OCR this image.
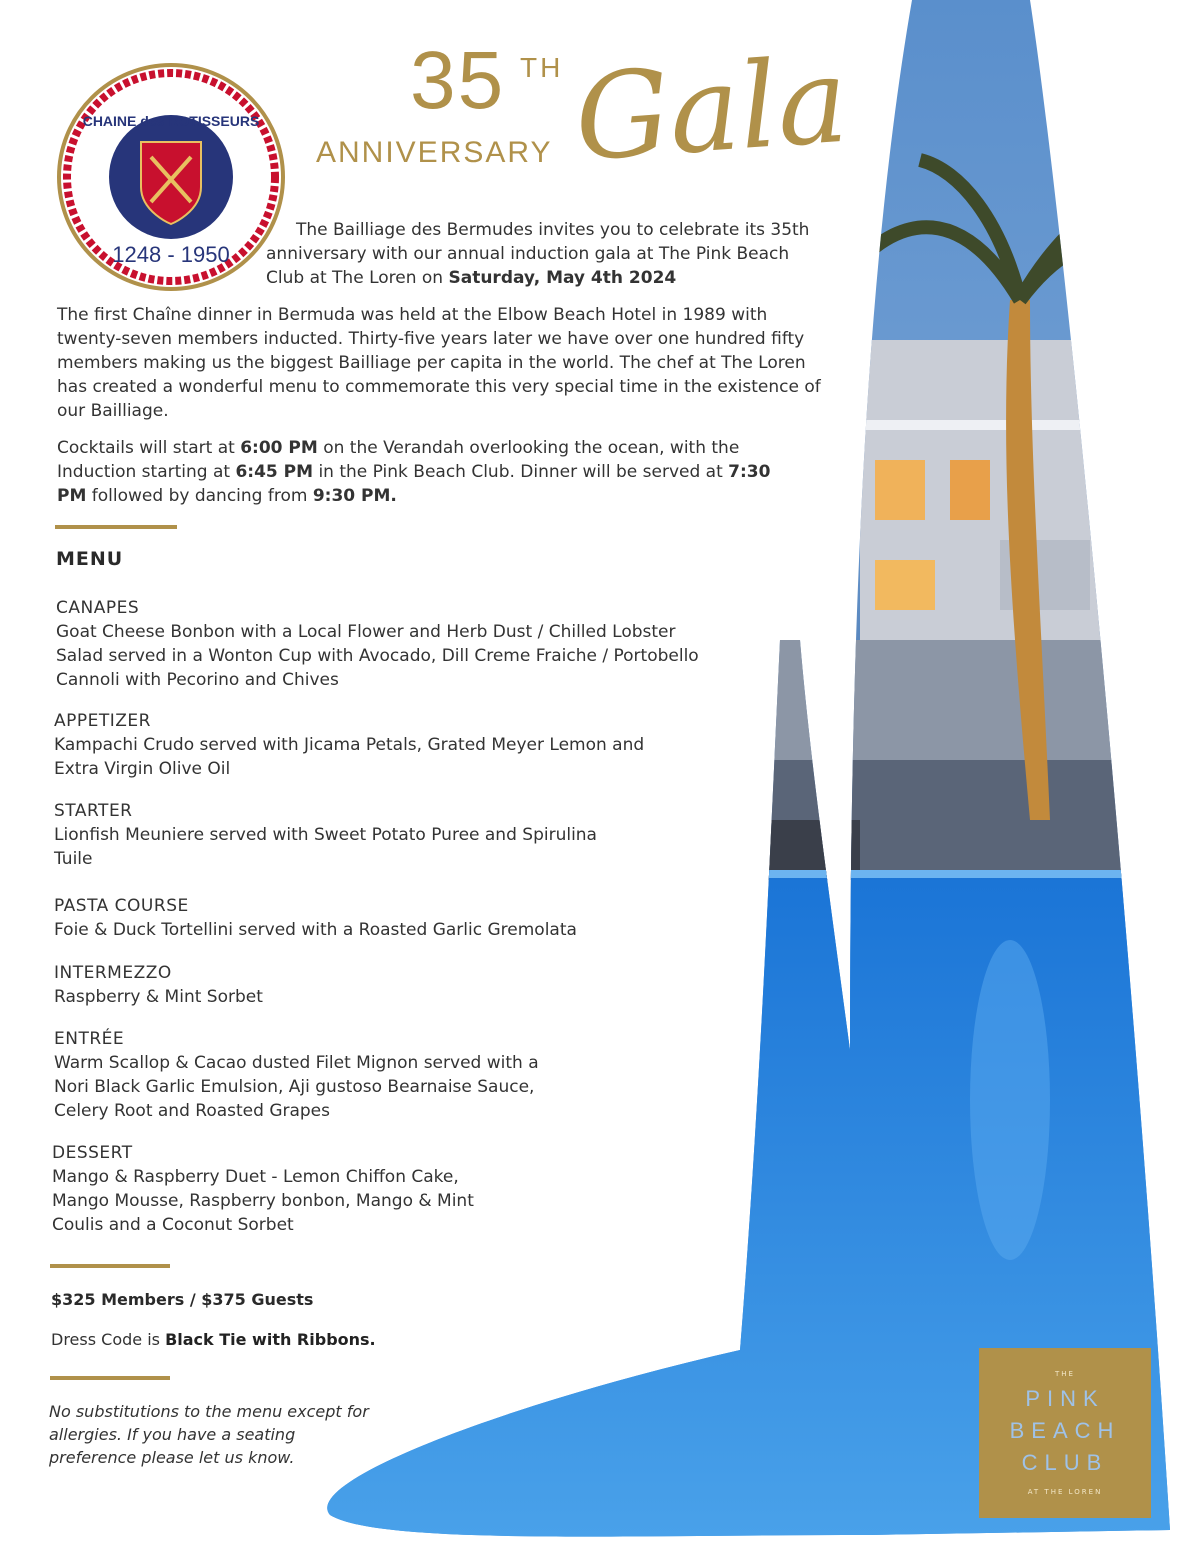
CHAINE des ROTISSEURS
1248 - 1950
35 TH
ANNIVERSARY Gala

The Bailliage des Bermudes invites you to celebrate its 35th anniversary with our annual induction gala at The Pink Beach Club at The Loren on Saturday, May 4th 2024

The first Chaîne dinner in Bermuda was held at the Elbow Beach Hotel in 1989 with twenty-seven members inducted. Thirty-five years later we have over one hundred fifty members making us the biggest Bailliage per capita in the world. The chef at The Loren has created a wonderful menu to commemorate this very special time in the existence of our Bailliage.

Cocktails will start at 6:00 PM on the Verandah overlooking the ocean, with the Induction starting at 6:45 PM in the Pink Beach Club. Dinner will be served at 7:30 PM followed by dancing from 9:30 PM.

MENU
CANAPES
Goat Cheese Bonbon with a Local Flower and Herb Dust / Chilled Lobster Salad served in a Wonton Cup with Avocado, Dill Creme Fraiche / Portobello Cannoli with Pecorino and Chives
APPETIZER
Kampachi Crudo served with Jicama Petals, Grated Meyer Lemon and Extra Virgin Olive Oil
STARTER
Lionfish Meuniere served with Sweet Potato Puree and Spirulina Tuile
PASTA COURSE
Foie & Duck Tortellini served with a Roasted Garlic Gremolata
INTERMEZZO
Raspberry & Mint Sorbet
ENTRÉE
Warm Scallop & Cacao dusted Filet Mignon served with a Nori Black Garlic Emulsion, Aji gustoso Bearnaise Sauce, Celery Root and Roasted Grapes
DESSERT
Mango & Raspberry Duet - Lemon Chiffon Cake, Mango Mousse, Raspberry bonbon, Mango & Mint Coulis and a Coconut Sorbet
$325 Members / $375 Guests
Dress Code is Black Tie with Ribbons.
No substitutions to the menu except for allergies. If you have a seating preference please let us know.
THE
PINK
BEACH
CLUB
AT THE LOREN
